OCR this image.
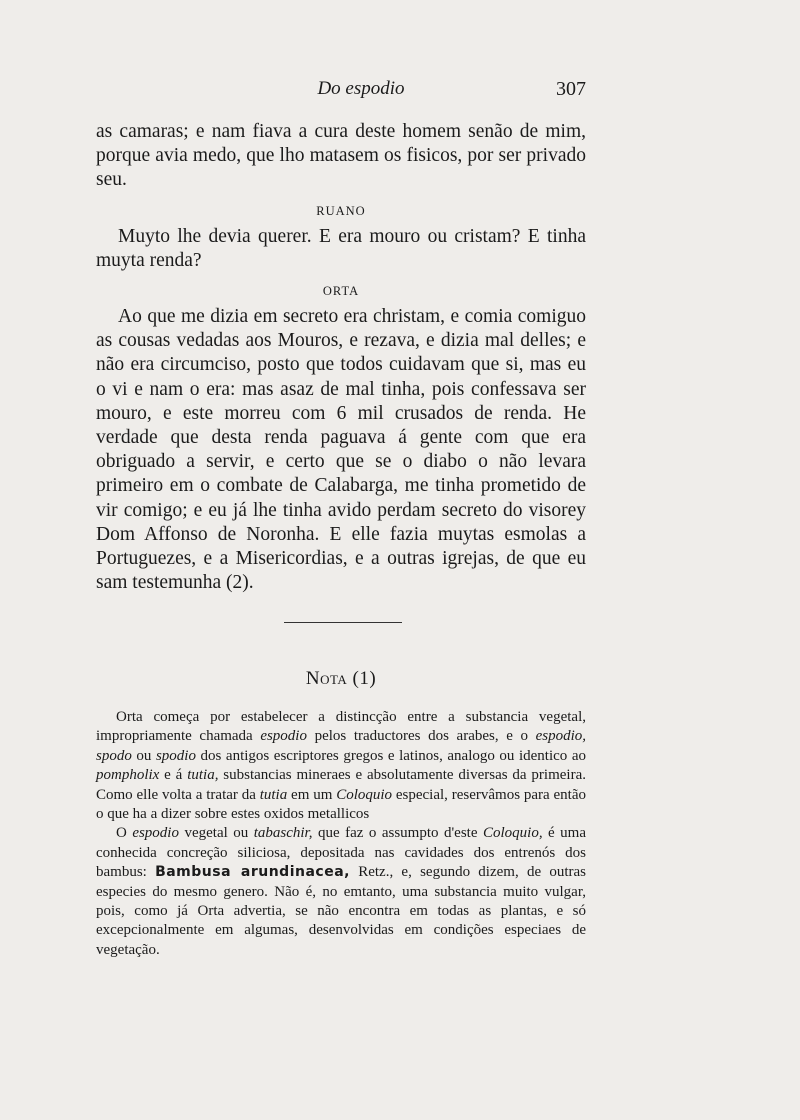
Do espodio	307

as camaras; e nam fiava a cura deste homem senão de mim, porque avia medo, que lho matasem os fisicos, por ser privado seu.

RUANO

Muyto lhe devia querer. E era mouro ou cristam? E tinha muyta renda?

ORTA

Ao que me dizia em secreto era christam, e comia comiguo as cousas vedadas aos Mouros, e rezava, e dizia mal delles; e não era circumciso, posto que todos cuidavam que si, mas eu o vi e nam o era: mas asaz de mal tinha, pois confessava ser mouro, e este morreu com 6 mil crusados de renda. He verdade que desta renda paguava á gente com que era obriguado a servir, e certo que se o diabo o não levara primeiro em o combate de Calabarga, me tinha prometido de vir comigo; e eu já lhe tinha avido perdam secreto do visorey Dom Affonso de Noronha. E elle fazia muytas esmolas a Portuguezes, e a Misericordias, e a outras igrejas, de que eu sam testemunha (2).

Nota (1)

Orta começa por estabelecer a distincção entre a substancia vegetal, impropriamente chamada espodio pelos traductores dos arabes, e o espodio, spodo ou spodio dos antigos escriptores gregos e latinos, analogo ou identico ao pompholix e á tutia, substancias mineraes e absolutamente diversas da primeira. Como elle volta a tratar da tutia em um Coloquio especial, reservâmos para então o que ha a dizer sobre estes oxidos metallicos

O espodio vegetal ou tabaschir, que faz o assumpto d'este Coloquio, é uma conhecida concreção siliciosa, depositada nas cavidades dos entrenós dos bambus: Bambusa arundinacea, Retz., e, segundo dizem, de outras especies do mesmo genero. Não é, no emtanto, uma substancia muito vulgar, pois, como já Orta advertia, se não encontra em todas as plantas, e só excepcionalmente em algumas, desenvolvidas em condições especiaes de vegetação.
